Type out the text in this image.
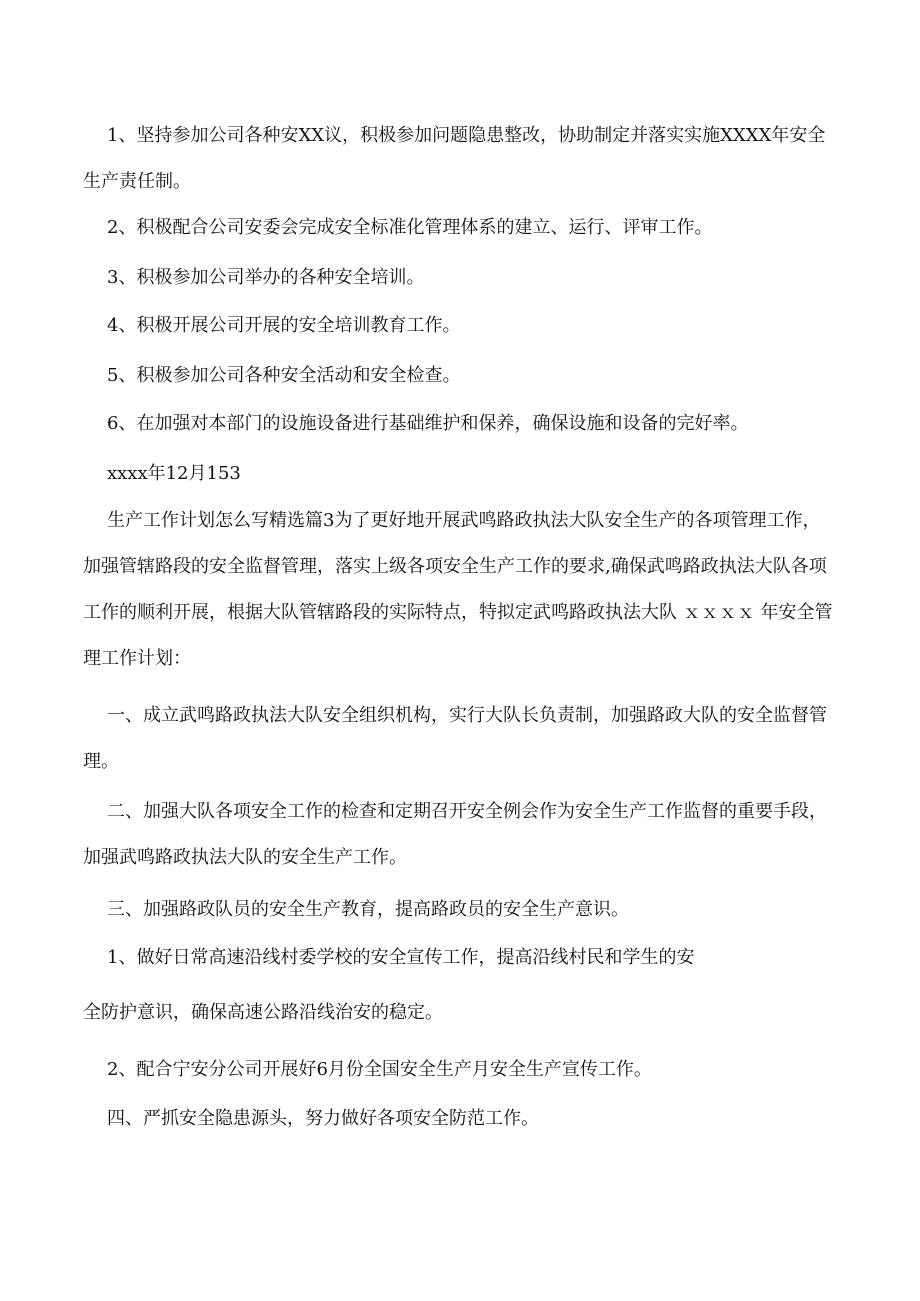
1、坚持参加公司各种安XX议，积极参加问题隐患整改，协助制定并落实实施XXXX年安全生产责任制。

2、积极配合公司安委会完成安全标准化管理体系的建立、运行、评审工作。

3、积极参加公司举办的各种安全培训。

4、积极开展公司开展的安全培训教育工作。

5、积极参加公司各种安全活动和安全检查。

6、在加强对本部门的设施设备进行基础维护和保养，确保设施和设备的完好率。

xxxx年12月153

生产工作计划怎么写精选篇3为了更好地开展武鸣路政执法大队安全生产的各项管理工作，加强管辖路段的安全监督管理，落实上级各项安全生产工作的要求,确保武鸣路政执法大队各项工作的顺利开展，根据大队管辖路段的实际特点，特拟定武鸣路政执法大队 ｘｘｘｘ 年安全管理工作计划：

一、成立武鸣路政执法大队安全组织机构，实行大队长负责制，加强路政大队的安全监督管理。

二、加强大队各项安全工作的检查和定期召开安全例会作为安全生产工作监督的重要手段，加强武鸣路政执法大队的安全生产工作。

三、加强路政队员的安全生产教育，提高路政员的安全生产意识。

1、做好日常高速沿线村委学校的安全宣传工作，提高沿线村民和学生的安

全防护意识，确保高速公路沿线治安的稳定。

2、配合宁安分公司开展好6月份全国安全生产月安全生产宣传工作。

四、严抓安全隐患源头，努力做好各项安全防范工作。
